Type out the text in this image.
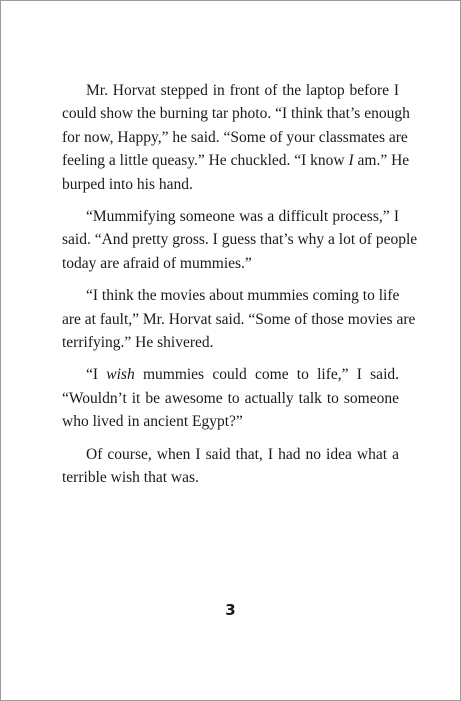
Mr. Horvat stepped in front of the laptop before I
could show the burning tar photo. “I think that’s enough
for now, Happy,” he said. “Some of your classmates are
feeling a little queasy.” He chuckled. “I know I am.” He
burped into his hand.
“Mummifying someone was a difficult process,” I
said. “And pretty gross. I guess that’s why a lot of people
today are afraid of mummies.”
“I think the movies about mummies coming to life
are at fault,” Mr. Horvat said. “Some of those movies are
terrifying.” He shivered.
“I wish mummies could come to life,” I said.
“Wouldn’t it be awesome to actually talk to someone
who lived in ancient Egypt?”
Of course, when I said that, I had no idea what a
terrible wish that was.
3
